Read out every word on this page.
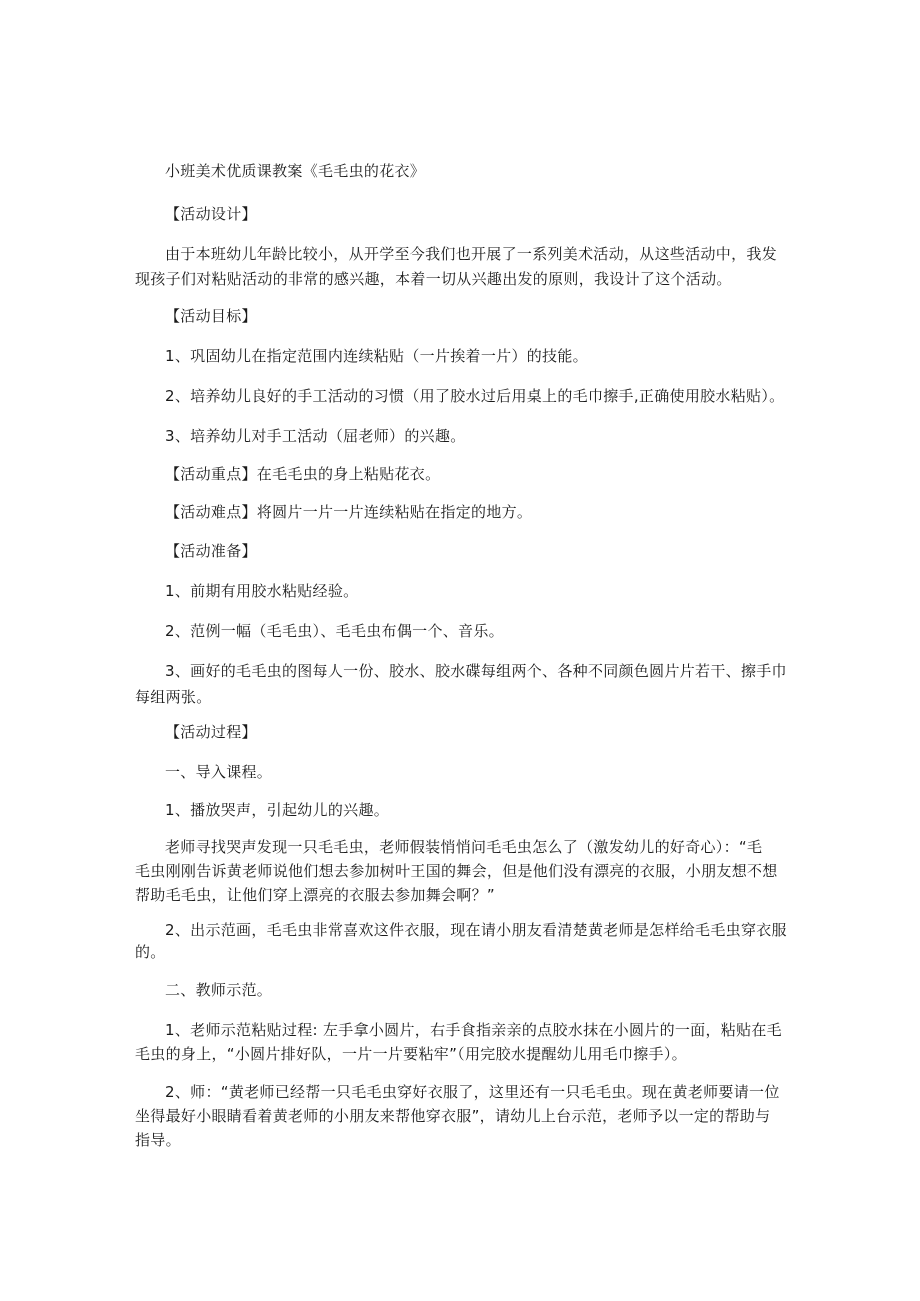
小班美术优质课教案《毛毛虫的花衣》
【活动设计】
由于本班幼儿年龄比较小，从开学至今我们也开展了一系列美术活动，从这些活动中，我发
现孩子们对粘贴活动的非常的感兴趣，本着一切从兴趣出发的原则，我设计了这个活动。
【活动目标】
1、巩固幼儿在指定范围内连续粘贴（一片挨着一片）的技能。
2、培养幼儿良好的手工活动的习惯（用了胶水过后用桌上的毛巾擦手,正确使用胶水粘贴）。
3、培养幼儿对手工活动（屈老师）的兴趣。
【活动重点】在毛毛虫的身上粘贴花衣。
【活动难点】将圆片一片一片连续粘贴在指定的地方。
【活动准备】
1、前期有用胶水粘贴经验。
2、范例一幅（毛毛虫）、毛毛虫布偶一个、音乐。
3、画好的毛毛虫的图每人一份、胶水、胶水碟每组两个、各种不同颜色圆片片若干、擦手巾
每组两张。
【活动过程】
一、导入课程。
1、播放哭声，引起幼儿的兴趣。
老师寻找哭声发现一只毛毛虫，老师假装悄悄问毛毛虫怎么了（激发幼儿的好奇心）：“毛
毛虫刚刚告诉黄老师说他们想去参加树叶王国的舞会，但是他们没有漂亮的衣服，小朋友想不想
帮助毛毛虫，让他们穿上漂亮的衣服去参加舞会啊？”
2、出示范画，毛毛虫非常喜欢这件衣服，现在请小朋友看清楚黄老师是怎样给毛毛虫穿衣服
的。
二、教师示范。
1、老师示范粘贴过程: 左手拿小圆片，右手食指亲亲的点胶水抹在小圆片的一面，粘贴在毛
毛虫的身上，“小圆片排好队，一片一片要粘牢”（用完胶水提醒幼儿用毛巾擦手）。
2、师：“黄老师已经帮一只毛毛虫穿好衣服了，这里还有一只毛毛虫。现在黄老师要请一位
坐得最好小眼睛看着黄老师的小朋友来帮他穿衣服”，请幼儿上台示范，老师予以一定的帮助与
指导。
